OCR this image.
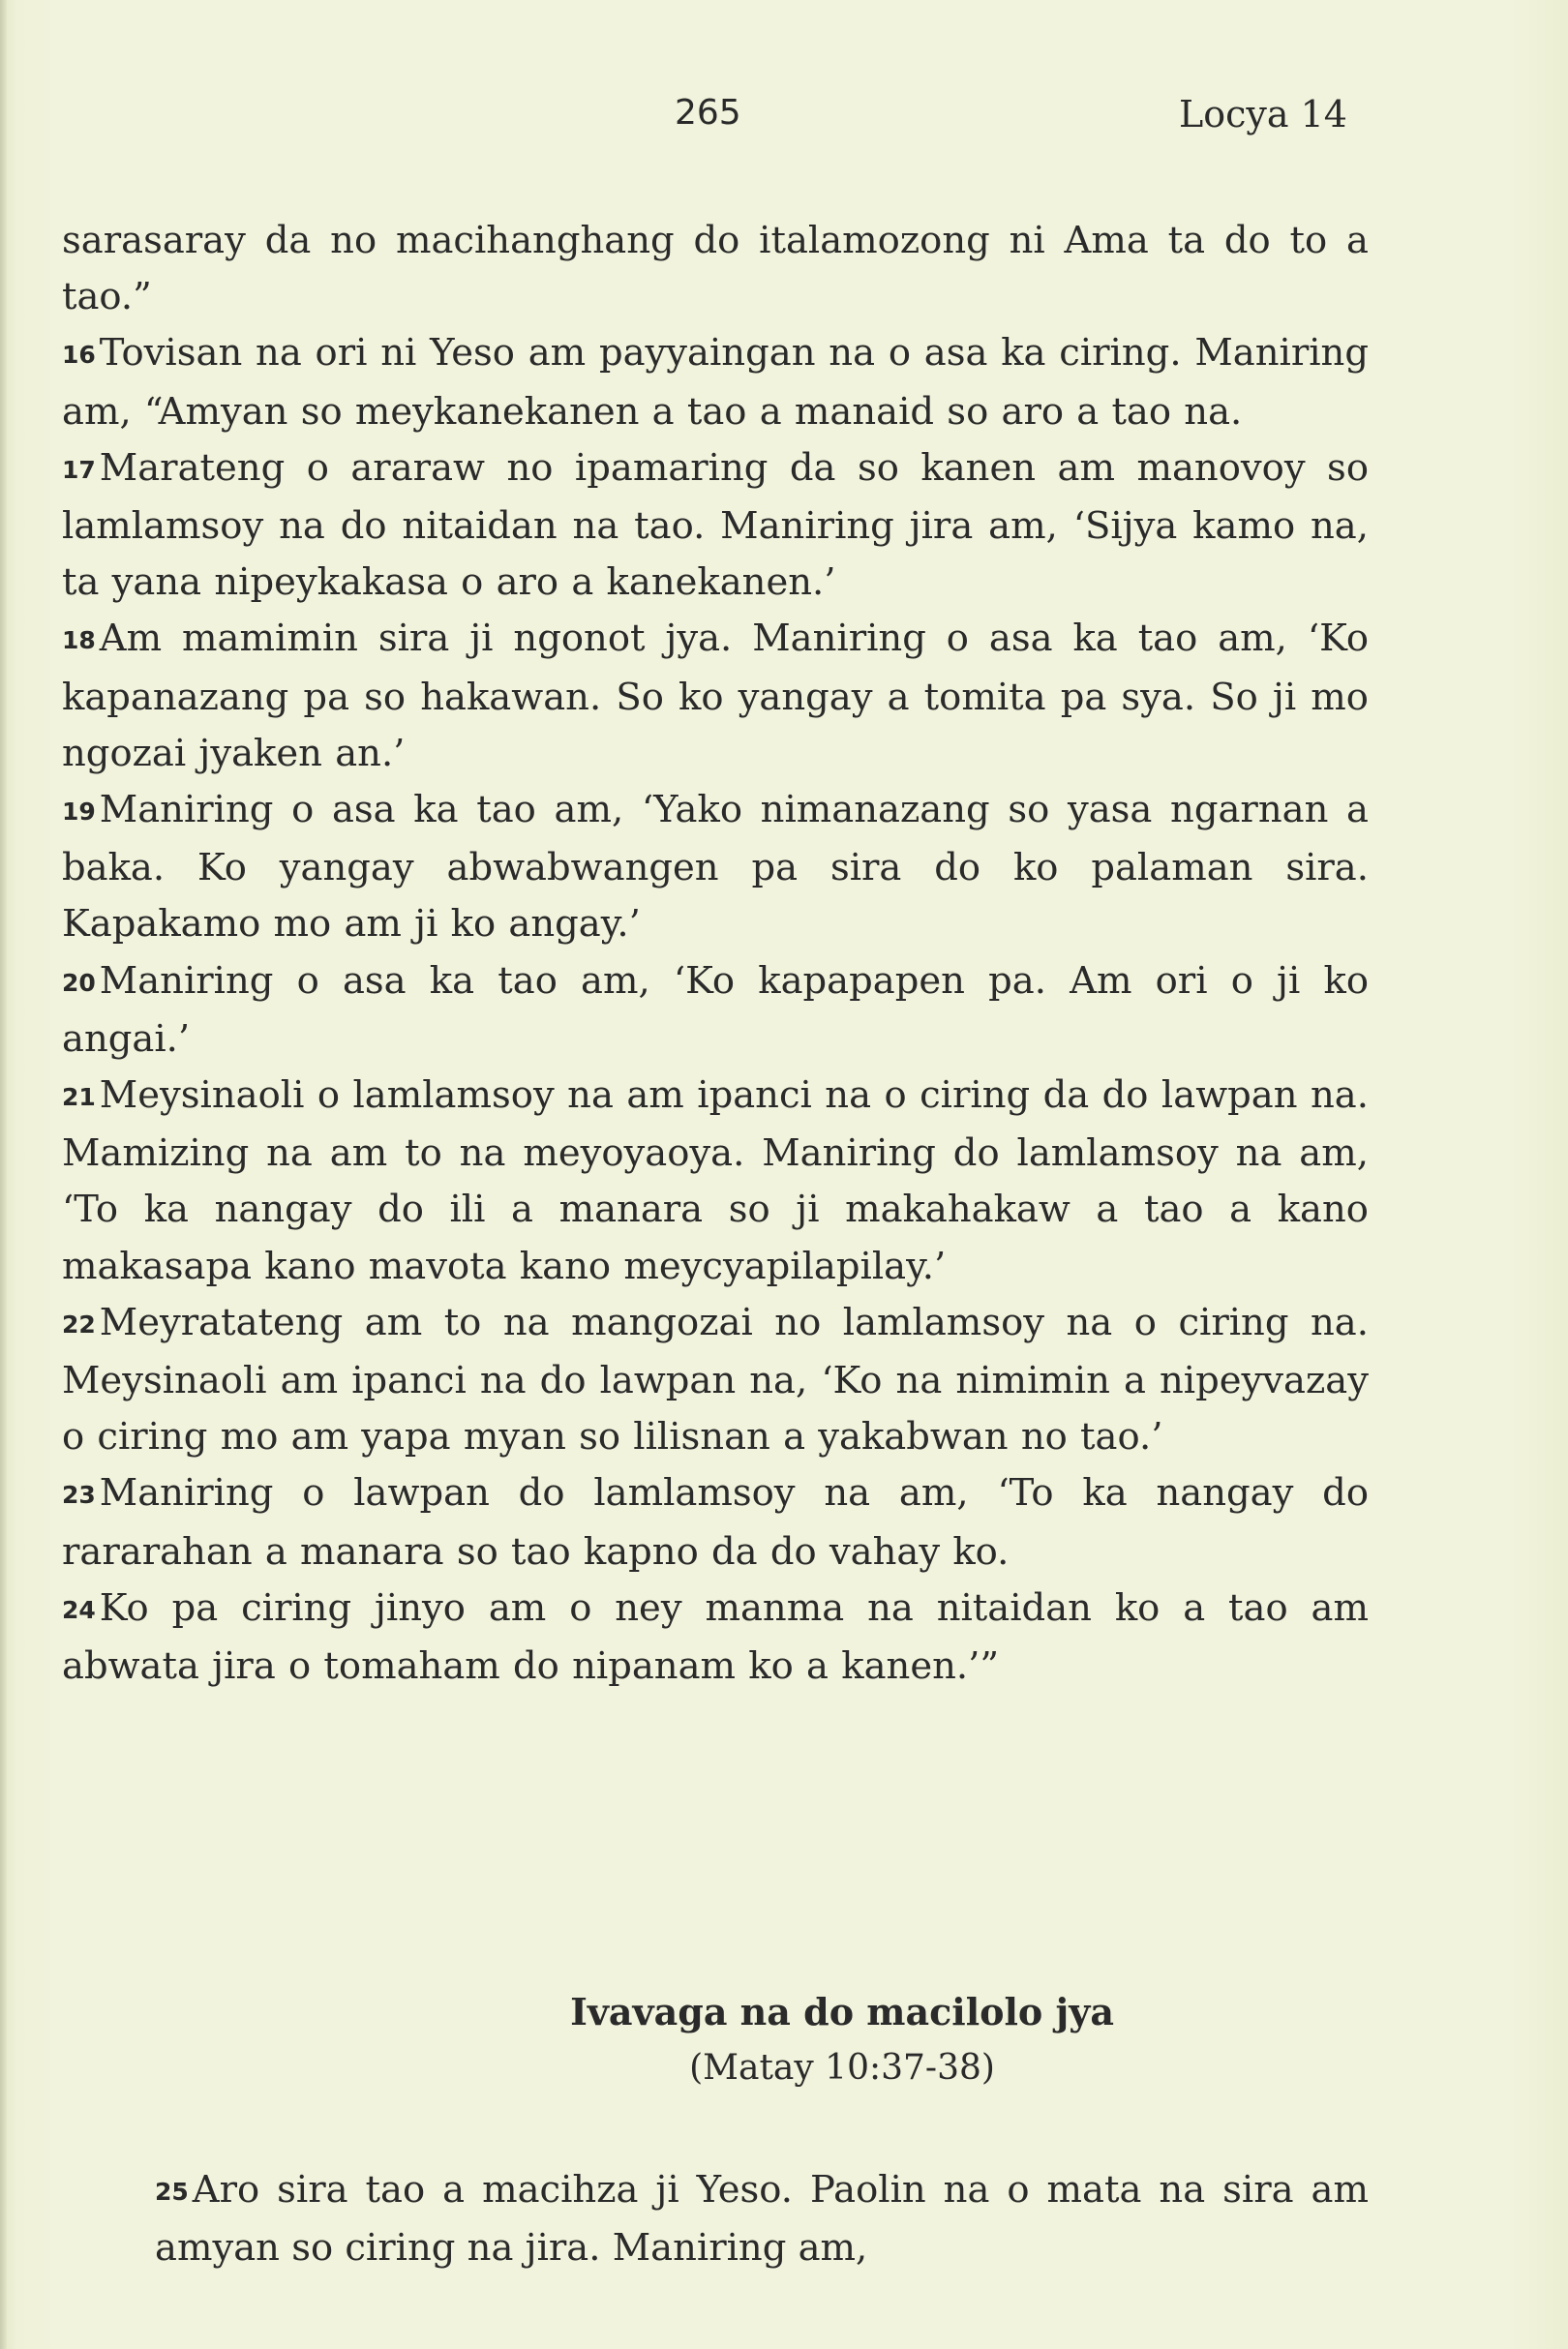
265	Locya 14

sarasaray da no macihanghang do italamozong ni Ama ta do to a tao.”

16 Tovisan na ori ni Yeso am payyaingan na o asa ka ciring. Maniring am, “Amyan so meykanekanen a tao a manaid so aro a tao na.

17 Marateng o araraw no ipamaring da so kanen am manovoy so lamlamsoy na do nitaidan na tao. Maniring jira am, ‘Sijya kamo na, ta yana nipeykakasa o aro a kanekanen.’

18 Am mamimin sira ji ngonot jya. Maniring o asa ka tao am, ‘Ko kapanazang pa so hakawan. So ko yangay a tomita pa sya. So ji mo ngozai jyaken an.’

19 Maniring o asa ka tao am, ‘Yako nimanazang so yasa ngarnan a baka. Ko yangay abwabwangen pa sira do ko palaman sira. Kapakamo mo am ji ko angay.’

20 Maniring o asa ka tao am, ‘Ko kapapapen pa. Am ori o ji ko angai.’

21 Meysinaoli o lamlamsoy na am ipanci na o ciring da do lawpan na. Mamizing na am to na meyoyaoya. Maniring do lamlamsoy na am, ‘To ka nangay do ili a manara so ji makahakaw a tao a kano makasapa kano mavota kano meycyapilapilay.’

22 Meyratateng am to na mangozai no lamlamsoy na o ciring na. Meysinaoli am ipanci na do lawpan na, ‘Ko na nimimin a nipeyvazay o ciring mo am yapa myan so lilisnan a yakabwan no tao.’

23 Maniring o lawpan do lamlamsoy na am, ‘To ka nangay do rararahan a manara so tao kapno da do vahay ko.

24 Ko pa ciring jinyo am o ney manma na nitaidan ko a tao am abwata jira o tomaham do nipanam ko a kanen.’”

Ivavaga na do macilolo jya
(Matay 10:37-38)

25 Aro sira tao a macihza ji Yeso. Paolin na o mata na sira am amyan so ciring na jira. Maniring am,
